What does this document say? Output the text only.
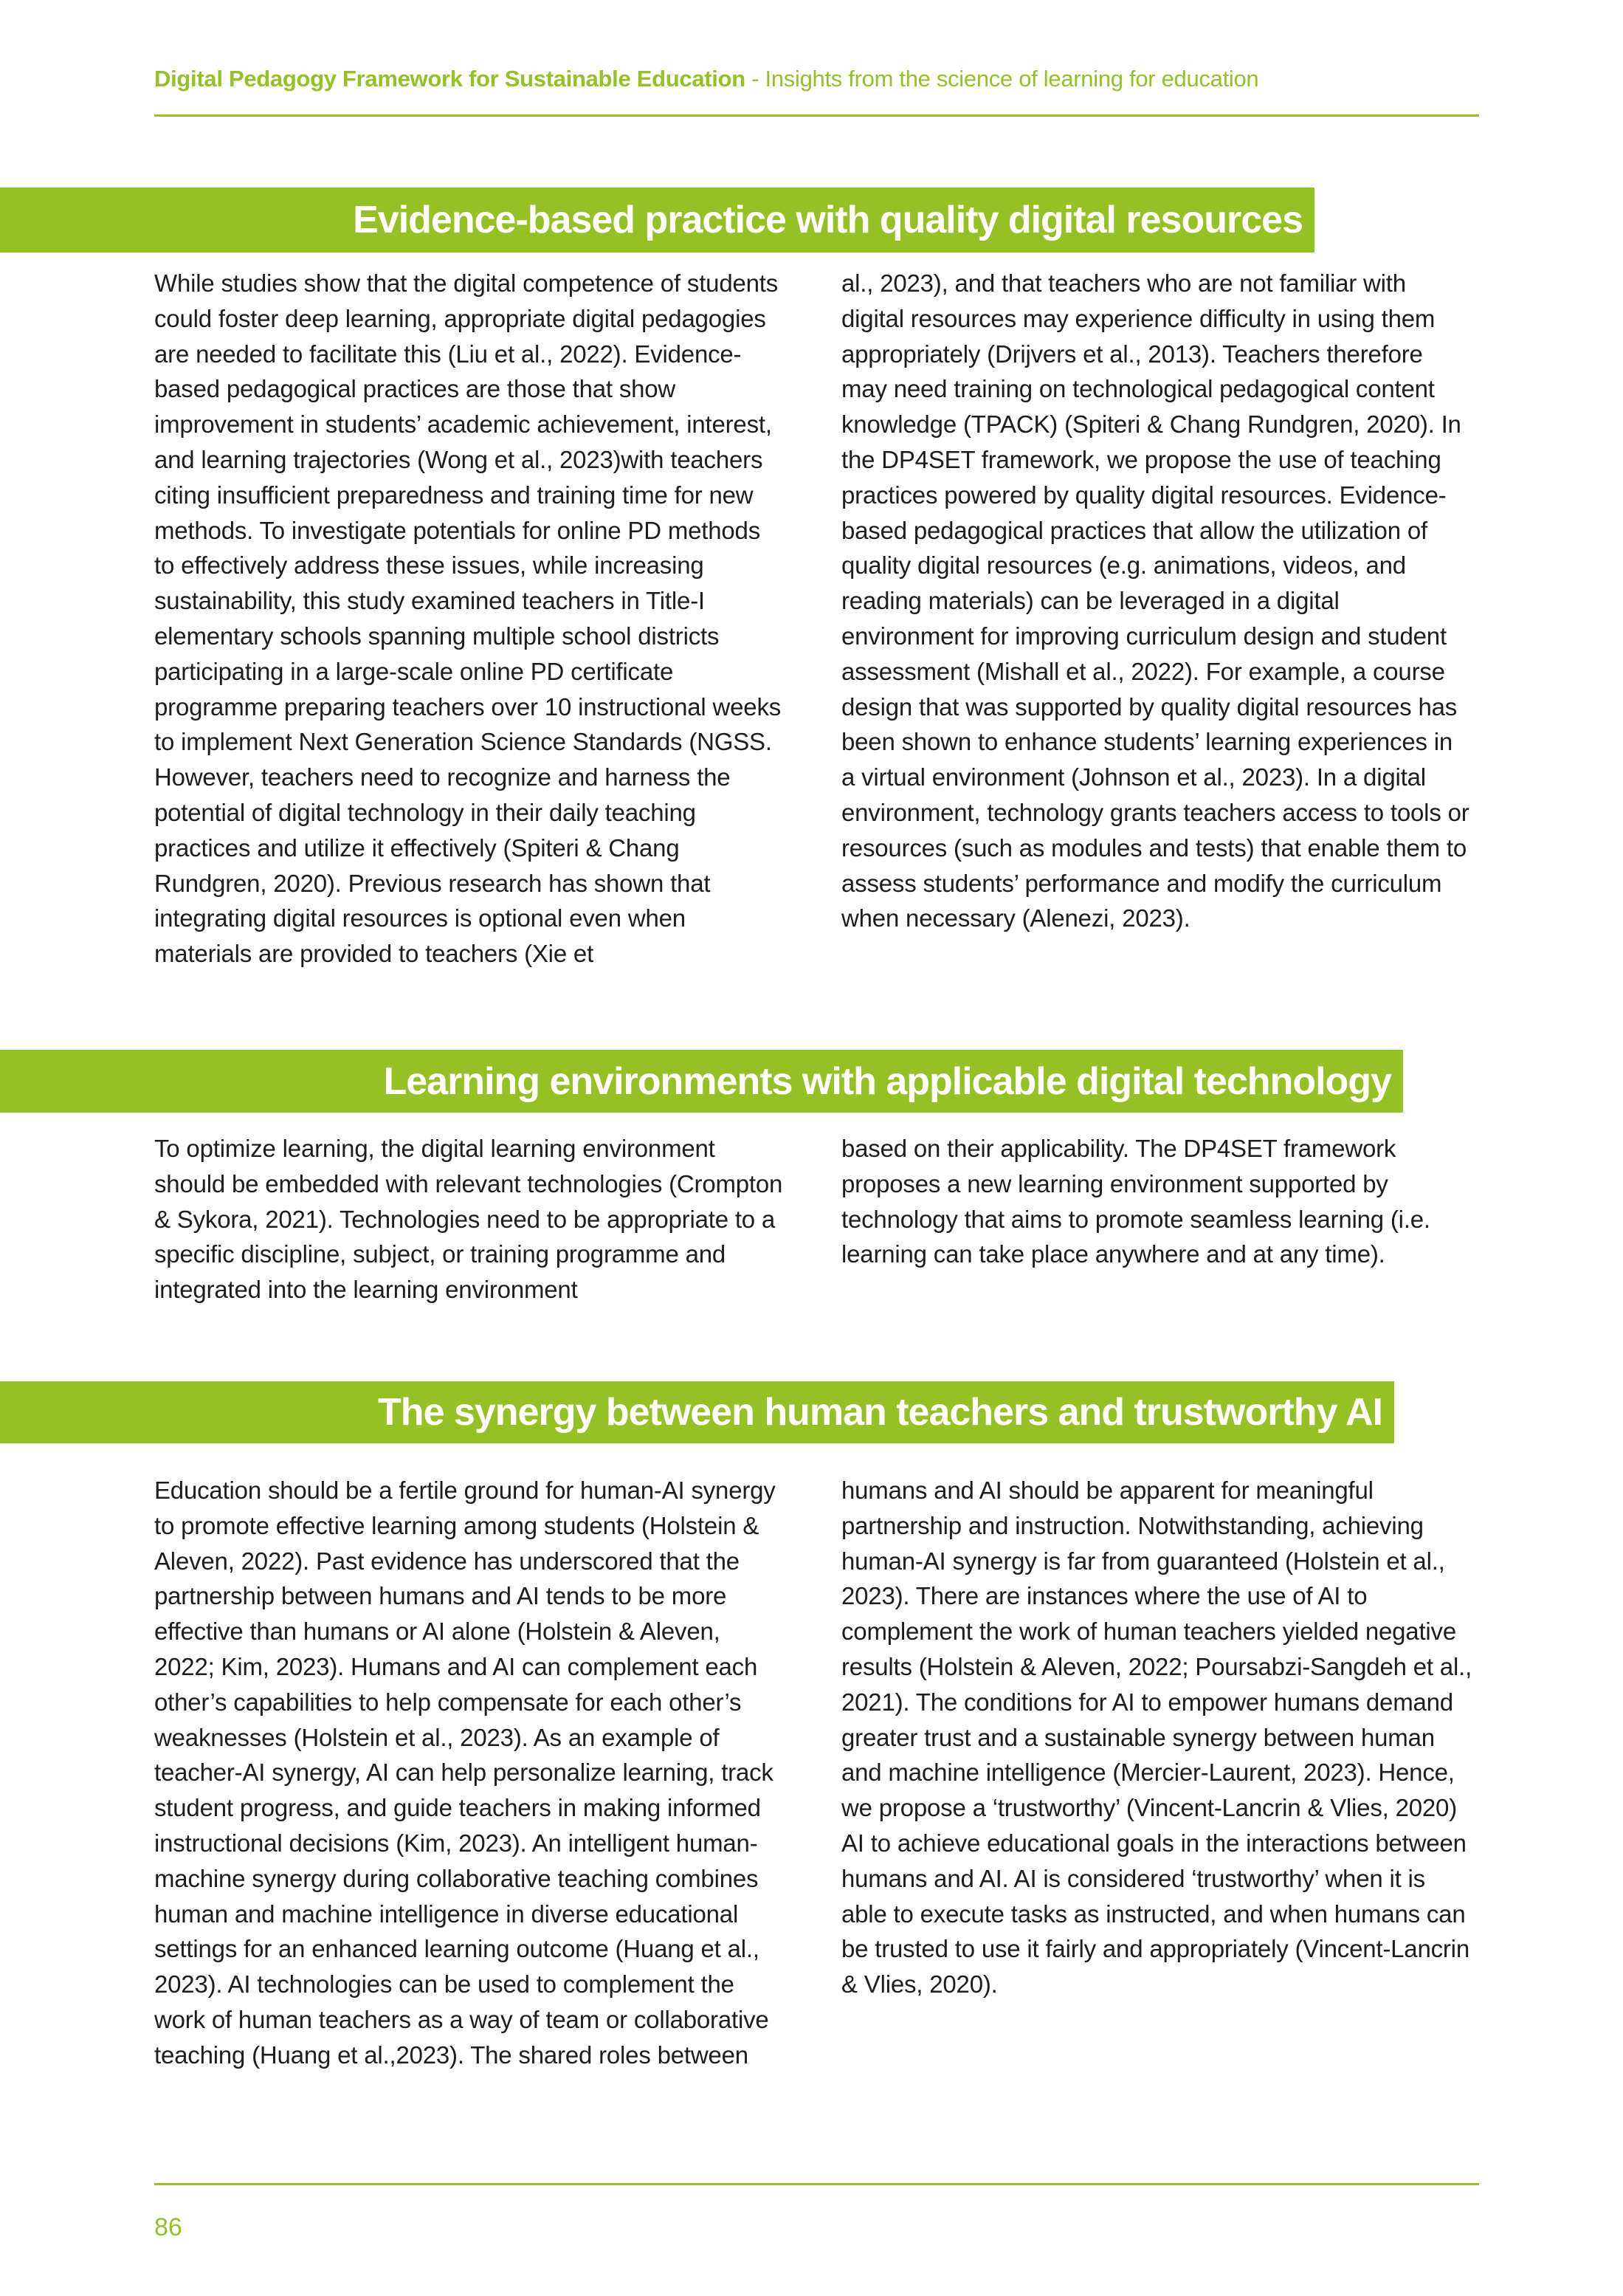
Digital Pedagogy Framework for Sustainable Education - Insights from the science of learning for education
Evidence-based practice with quality digital resources

While studies show that the digital competence of students could foster deep learning, appropriate digital pedagogies are needed to facilitate this (Liu et al., 2022). Evidence-based pedagogical practices are those that show improvement in students’ academic achievement, interest, and learning trajectories (Wong et al., 2023)with teachers citing insufficient preparedness and training time for new methods. To investigate potentials for online PD methods to effectively address these issues, while increasing sustainability, this study examined teachers in Title-I elementary schools spanning multiple school districts participating in a large-scale online PD certificate programme preparing teachers over 10 instructional weeks to implement Next Generation Science Standards (NGSS. However, teachers need to recognize and harness the potential of digital technology in their daily teaching practices and utilize it effectively (Spiteri & Chang Rundgren, 2020). Previous research has shown that integrating digital resources is optional even when materials are provided to teachers (Xie et

al., 2023), and that teachers who are not familiar with digital resources may experience difficulty in using them appropriately (Drijvers et al., 2013). Teachers therefore may need training on technological pedagogical content knowledge (TPACK) (Spiteri & Chang Rundgren, 2020). In the DP4SET framework, we propose the use of teaching practices powered by quality digital resources. Evidence-based pedagogical practices that allow the utilization of quality digital resources (e.g. animations, videos, and reading materials) can be leveraged in a digital environment for improving curriculum design and student assessment (Mishall et al., 2022). For example, a course design that was supported by quality digital resources has been shown to enhance students’ learning experiences in a virtual environment (Johnson et al., 2023). In a digital environment, technology grants teachers access to tools or resources (such as modules and tests) that enable them to assess students’ performance and modify the curriculum when necessary (Alenezi, 2023).

Learning environments with applicable digital technology

To optimize learning, the digital learning environment should be embedded with relevant technologies (Crompton & Sykora, 2021). Technologies need to be appropriate to a specific discipline, subject, or training programme and integrated into the learning environment

based on their applicability. The DP4SET framework proposes a new learning environment supported by technology that aims to promote seamless learning (i.e. learning can take place anywhere and at any time).

The synergy between human teachers and trustworthy AI

Education should be a fertile ground for human-AI synergy to promote effective learning among students (Holstein & Aleven, 2022). Past evidence has underscored that the partnership between humans and AI tends to be more effective than humans or AI alone (Holstein & Aleven, 2022; Kim, 2023). Humans and AI can complement each other’s capabilities to help compensate for each other’s weaknesses (Holstein et al., 2023). As an example of teacher-AI synergy, AI can help personalize learning, track student progress, and guide teachers in making informed instructional decisions (Kim, 2023). An intelligent human-machine synergy during collaborative teaching combines human and machine intelligence in diverse educational settings for an enhanced learning outcome (Huang et al., 2023). AI technologies can be used to complement the work of human teachers as a way of team or collaborative teaching (Huang et al.,2023). The shared roles between

humans and AI should be apparent for meaningful partnership and instruction. Notwithstanding, achieving human-AI synergy is far from guaranteed (Holstein et al., 2023). There are instances where the use of AI to complement the work of human teachers yielded negative results (Holstein & Aleven, 2022; Poursabzi-Sangdeh et al., 2021). The conditions for AI to empower humans demand greater trust and a sustainable synergy between human and machine intelligence (Mercier-Laurent, 2023). Hence, we propose a ‘trustworthy’ (Vincent-Lancrin & Vlies, 2020) AI to achieve educational goals in the interactions between humans and AI. AI is considered ‘trustworthy’ when it is able to execute tasks as instructed, and when humans can be trusted to use it fairly and appropriately (Vincent-Lancrin & Vlies, 2020).

86
